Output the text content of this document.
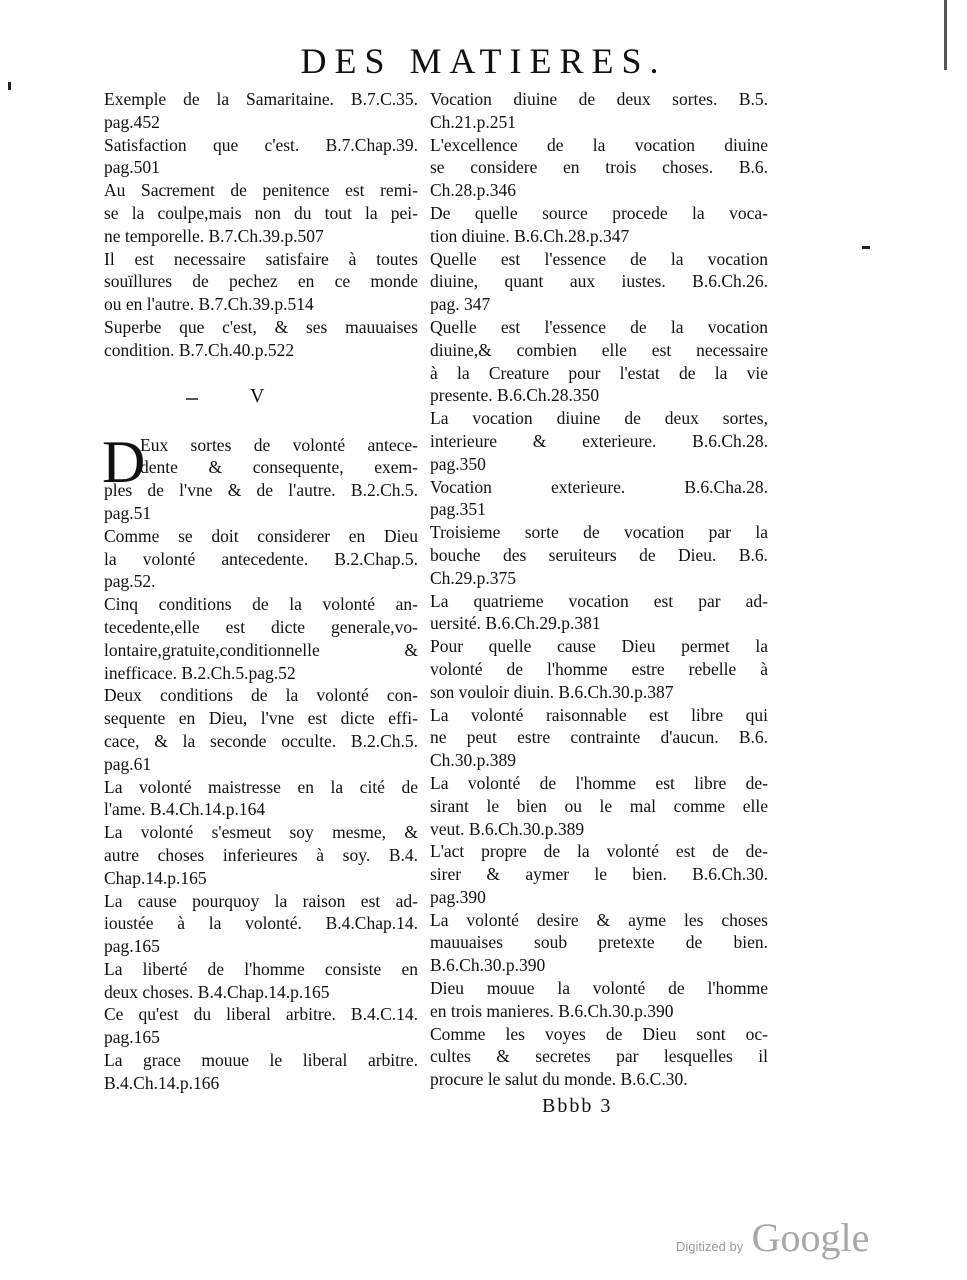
DES MATIERES.
Exemple de la Samaritaine. B.7.C.35.
pag.452
Satisfaction que c'est. B.7.Chap.39.
pag.501
Au Sacrement de penitence est remi-
se la coulpe,mais non du tout la pei-
ne temporelle. B.7.Ch.39.p.507
Il est necessaire satisfaire à toutes
souïllures de pechez en ce monde
ou en l'autre. B.7.Ch.39.p.514
Superbe que c'est, & ses mauuaises
condition. B.7.Ch.40.p.522
D
Eux sortes de volonté antece-
dente & consequente, exem-
ples de l'vne & de l'autre. B.2.Ch.5.
pag.51
Comme se doit considerer en Dieu
la volonté antecedente. B.2.Chap.5.
pag.52.
Cinq conditions de la volonté an-
tecedente,elle est dicte generale,vo-
lontaire,gratuite,conditionnelle &
inefficace. B.2.Ch.5.pag.52
Deux conditions de la volonté con-
sequente en Dieu, l'vne est dicte effi-
cace, & la seconde occulte. B.2.Ch.5.
pag.61
La volonté maistresse en la cité de
l'ame. B.4.Ch.14.p.164
La volonté s'esmeut soy mesme, &
autre choses inferieures à soy. B.4.
Chap.14.p.165
La cause pourquoy la raison est ad-
ioustée à la volonté. B.4.Chap.14.
pag.165
La liberté de l'homme consiste en
deux choses. B.4.Chap.14.p.165
Ce qu'est du liberal arbitre. B.4.C.14.
pag.165
La grace mouue le liberal arbitre.
B.4.Ch.14.p.166
V
Vocation diuine de deux sortes. B.5.
Ch.21.p.251
L'excellence de la vocation diuine
se considere en trois choses. B.6.
Ch.28.p.346
De quelle source procede la voca-
tion diuine. B.6.Ch.28.p.347
Quelle est l'essence de la vocation
diuine, quant aux iustes. B.6.Ch.26.
pag. 347
Quelle est l'essence de la vocation
diuine,& combien elle est necessaire
à la Creature pour l'estat de la vie
presente. B.6.Ch.28.350
La vocation diuine de deux sortes,
interieure & exterieure. B.6.Ch.28.
pag.350
Vocation exterieure. B.6.Cha.28.
pag.351
Troisieme sorte de vocation par la
bouche des seruiteurs de Dieu. B.6.
Ch.29.p.375
La quatrieme vocation est par ad-
uersité. B.6.Ch.29.p.381
Pour quelle cause Dieu permet la
volonté de l'homme estre rebelle à
son vouloir diuin. B.6.Ch.30.p.387
La volonté raisonnable est libre qui
ne peut estre contrainte d'aucun. B.6.
Ch.30.p.389
La volonté de l'homme est libre de-
sirant le bien ou le mal comme elle
veut. B.6.Ch.30.p.389
L'act propre de la volonté est de de-
sirer & aymer le bien. B.6.Ch.30.
pag.390
La volonté desire & ayme les choses
mauuaises soub pretexte de bien.
B.6.Ch.30.p.390
Dieu mouue la volonté de l'homme
en trois manieres. B.6.Ch.30.p.390
Comme les voyes de Dieu sont oc-
cultes & secretes par lesquelles il
procure le salut du monde. B.6.C.30.
Bbbb 3
Digitized by Google
